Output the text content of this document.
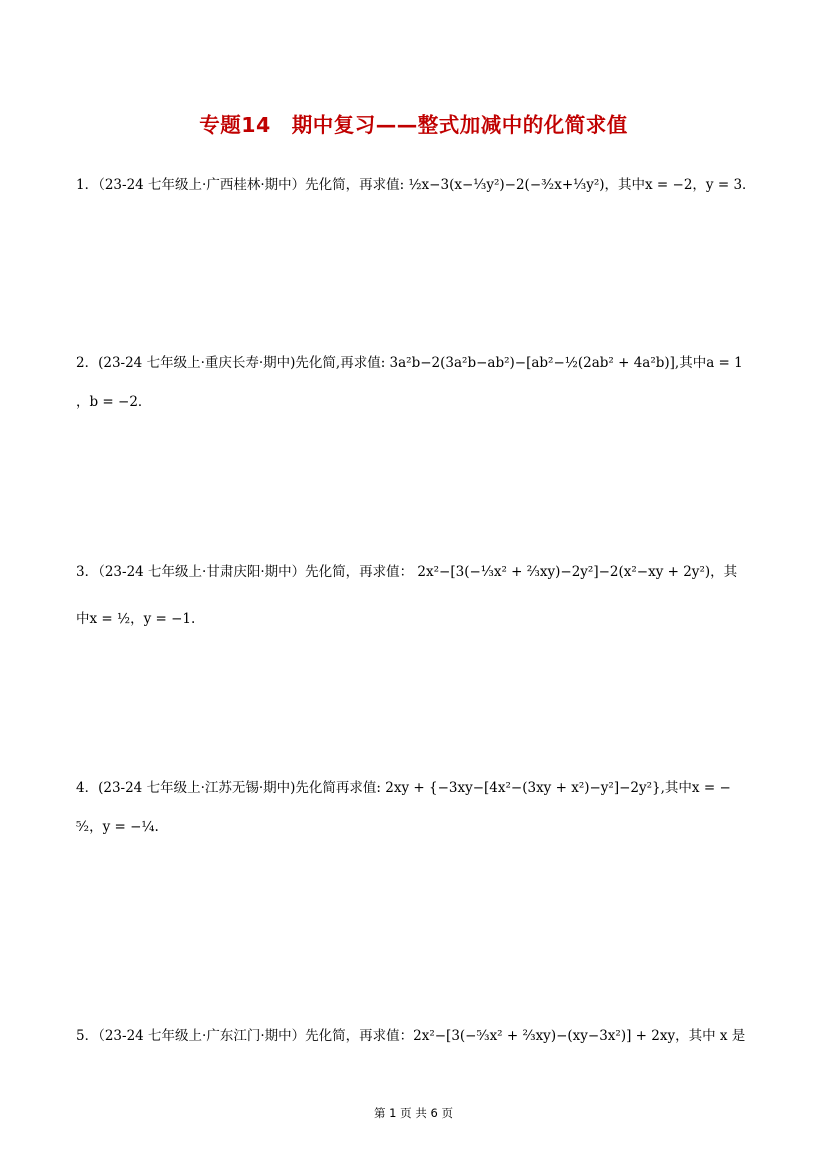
专题14　期中复习——整式加减中的化简求值
1．（23-24 七年级上·广西桂林·期中）先化简，再求值: ½x−3(x−⅓y²)−2(−³⁄₂x+⅓y²)，其中x = −2，y = 3．
2．(23-24 七年级上·重庆长寿·期中)先化简,再求值: 3a²b−2(3a²b−ab²)−[ab²−½(2ab² + 4a²b)],其中a = 1
，b = −2．
3．（23-24 七年级上·甘肃庆阳·期中）先化简，再求值： 2x²−[3(−⅓x² + ⅔xy)−2y²]−2(x²−xy + 2y²)，其
中x = ½，y = −1.
4．(23-24 七年级上·江苏无锡·期中)先化简再求值: 2xy + {−3xy−[4x²−(3xy + x²)−y²]−2y²},其中x = −
⁵⁄₂，y = −¼.
5．（23-24 七年级上·广东江门·期中）先化简，再求值：2x²−[3(−⁵⁄₃x² + ⅔xy)−(xy−3x²)] + 2xy，其中 x 是
第 1 页 共 6 页
